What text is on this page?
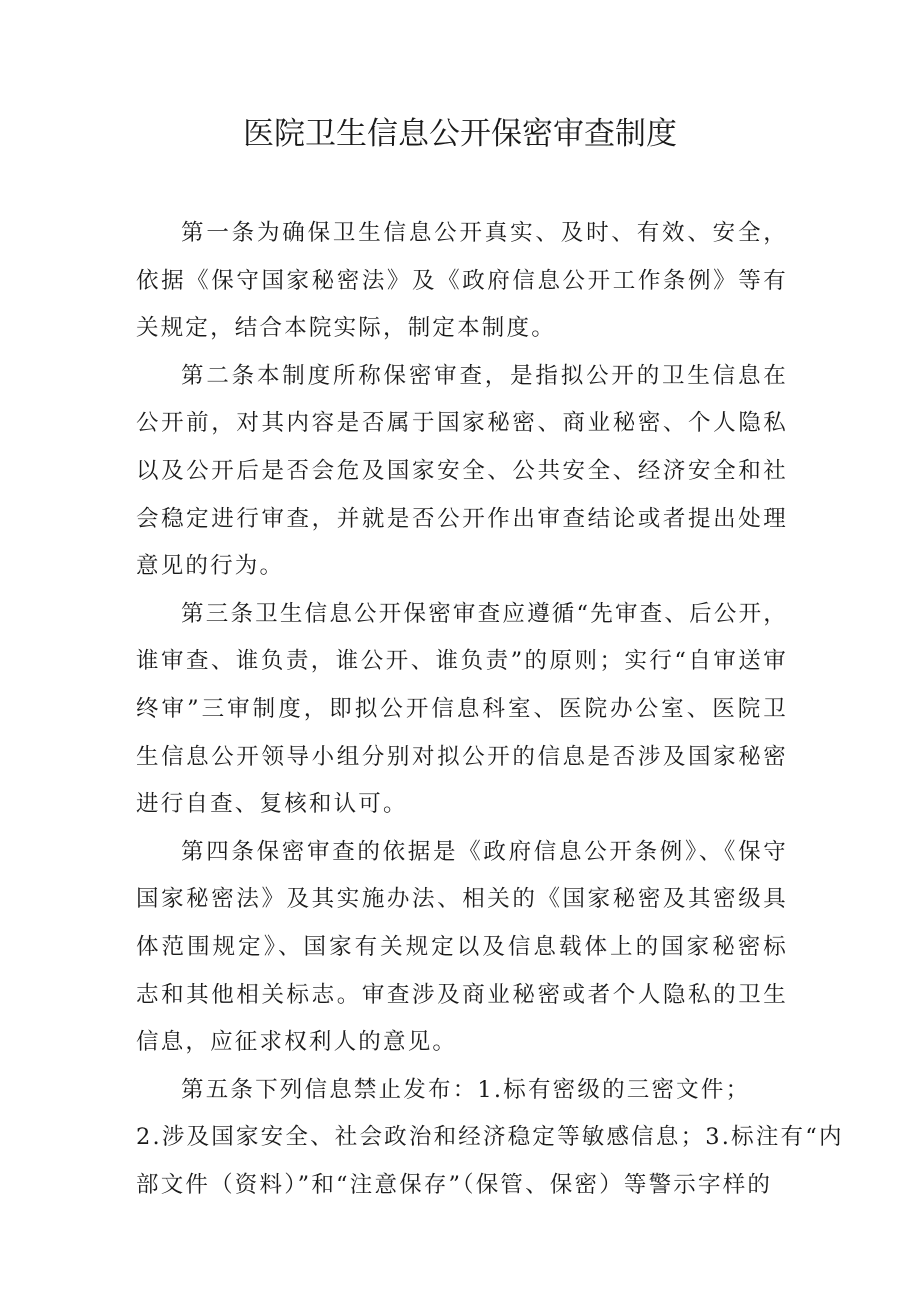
医院卫生信息公开保密审查制度

第一条为确保卫生信息公开真实、及时、有效、安全，依据《保守国家秘密法》及《政府信息公开工作条例》等有关规定，结合本院实际，制定本制度。

第二条本制度所称保密审查，是指拟公开的卫生信息在公开前，对其内容是否属于国家秘密、商业秘密、个人隐私以及公开后是否会危及国家安全、公共安全、经济安全和社会稳定进行审查，并就是否公开作出审查结论或者提出处理意见的行为。

第三条卫生信息公开保密审查应遵循“先审查、后公开，谁审查、谁负责，谁公开、谁负责”的原则；实行“自审送审终审”三审制度，即拟公开信息科室、医院办公室、医院卫生信息公开领导小组分别对拟公开的信息是否涉及国家秘密进行自查、复核和认可。

第四条保密审查的依据是《政府信息公开条例》、《保守国家秘密法》及其实施办法、相关的《国家秘密及其密级具体范围规定》、国家有关规定以及信息载体上的国家秘密标志和其他相关标志。审查涉及商业秘密或者个人隐私的卫生信息，应征求权利人的意见。

第五条下列信息禁止发布：1.标有密级的三密文件；

2.涉及国家安全、社会政治和经济稳定等敏感信息；3.标注有“内

部文件（资料）”和“注意保存”（保管、保密）等警示字样的
